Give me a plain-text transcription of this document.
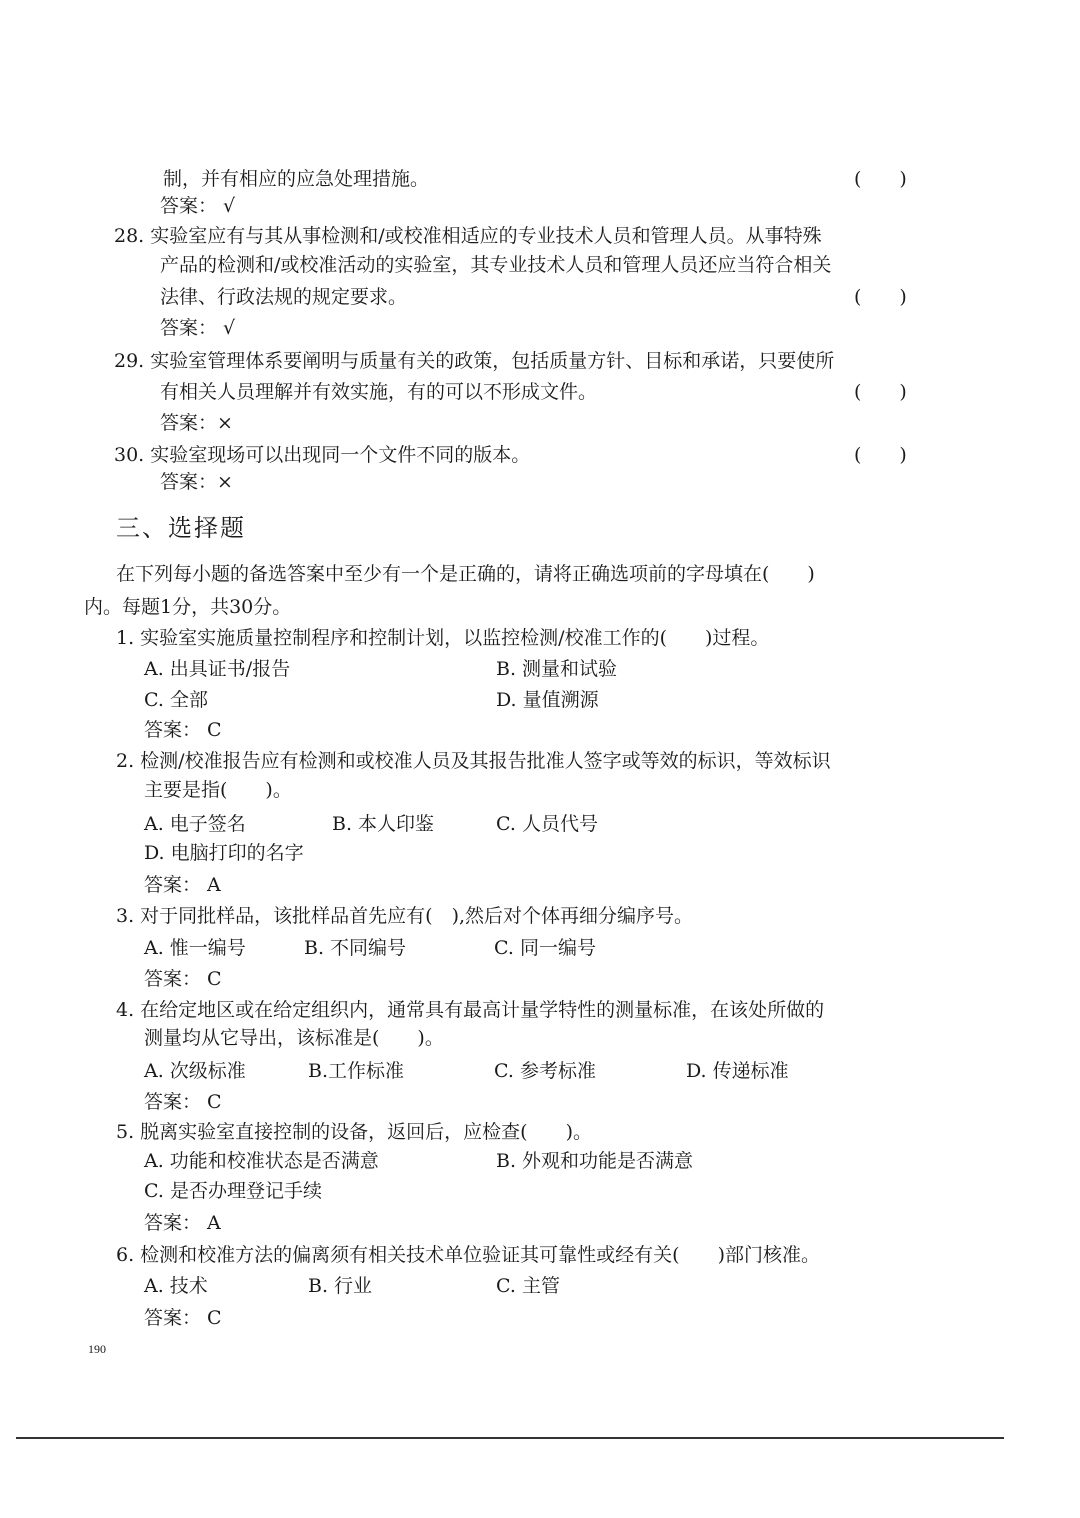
制，并有相应的应急处理措施。	(　　)
答案： √
28. 实验室应有与其从事检测和/或校准相适应的专业技术人员和管理人员。从事特殊
产品的检测和/或校准活动的实验室，其专业技术人员和管理人员还应当符合相关
法律、行政法规的规定要求。	(　　)
答案： √
29. 实验室管理体系要阐明与质量有关的政策，包括质量方针、目标和承诺，只要使所
有相关人员理解并有效实施，有的可以不形成文件。	(　　)
答案：×
30. 实验室现场可以出现同一个文件不同的版本。	(　　)
答案：×
三、选择题
在下列每小题的备选答案中至少有一个是正确的，请将正确选项前的字母填在(　　)
内。每题1分，共30分。
1. 实验室实施质量控制程序和控制计划，以监控检测/校准工作的(　　)过程。
A. 出具证书/报告	B. 测量和试验
C. 全部	D. 量值溯源
答案： C
2. 检测/校准报告应有检测和或校准人员及其报告批准人签字或等效的标识，等效标识
主要是指(　　)。
A. 电子签名	B. 本人印鉴	C. 人员代号
D. 电脑打印的名字
答案： A
3. 对于同批样品，该批样品首先应有(　),然后对个体再细分编序号。
A. 惟一编号	B. 不同编号	C. 同一编号
答案： C
4. 在给定地区或在给定组织内，通常具有最高计量学特性的测量标准，在该处所做的
测量均从它导出，该标准是(　　)。
A. 次级标准	B.工作标准	C. 参考标准	D. 传递标准
答案： C
5. 脱离实验室直接控制的设备，返回后，应检查(　　)。
A. 功能和校准状态是否满意	B. 外观和功能是否满意
C. 是否办理登记手续
答案： A
6. 检测和校准方法的偏离须有相关技术单位验证其可靠性或经有关(　　)部门核准。
A. 技术	B. 行业	C. 主管
答案： C
190
